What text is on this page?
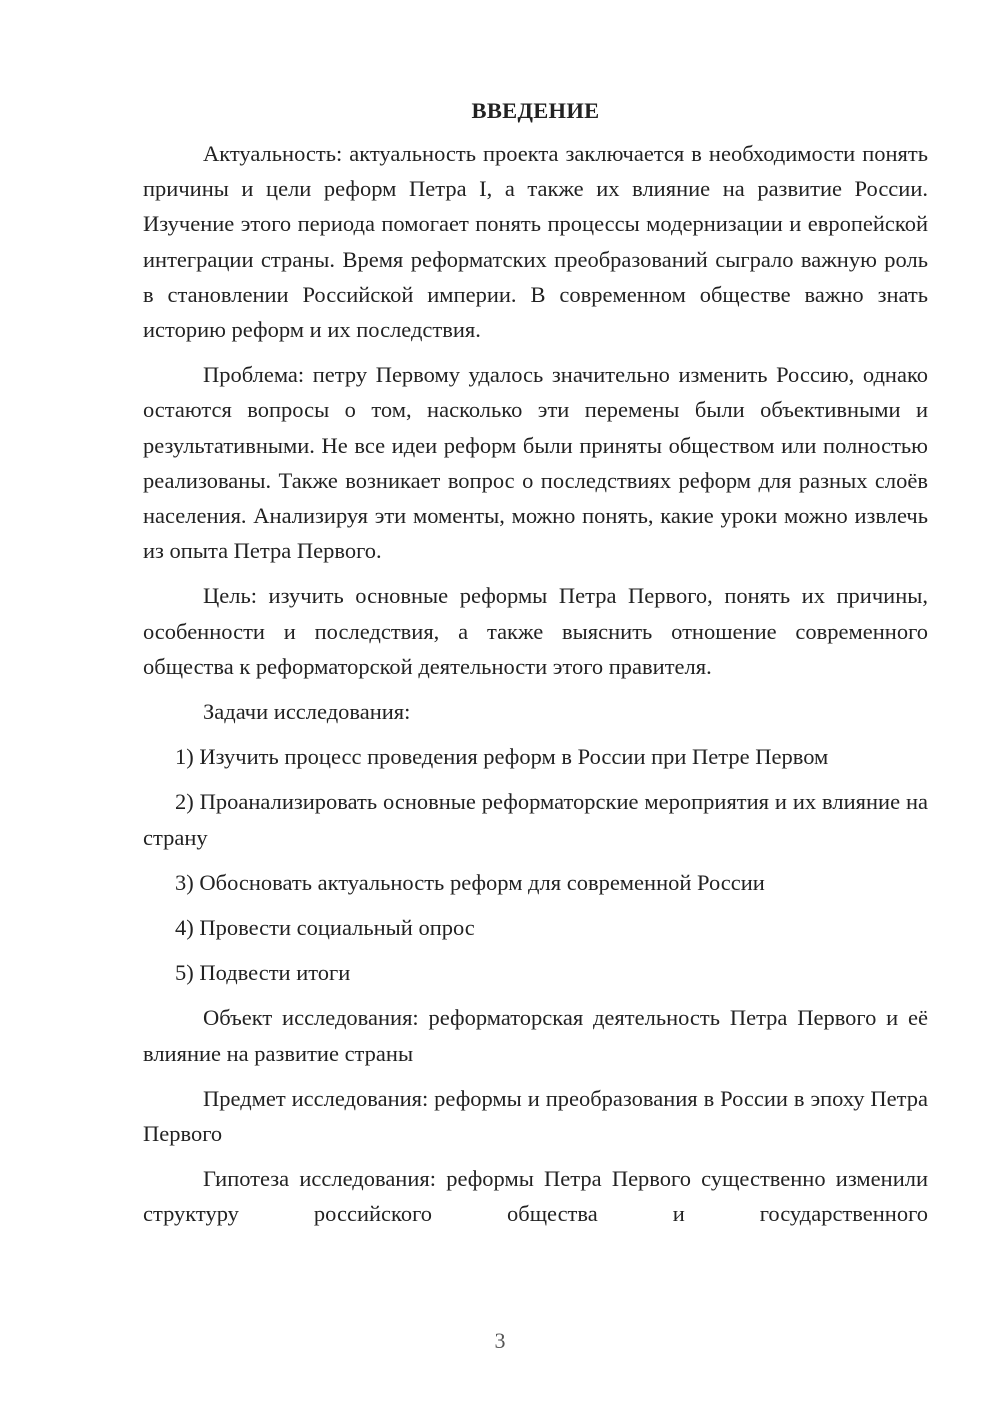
ВВЕДЕНИЕ

Актуальность: актуальность проекта заключается в необходимости понять причины и цели реформ Петра I, а также их влияние на развитие России. Изучение этого периода помогает понять процессы модернизации и европейской интеграции страны. Время реформатских преобразований сыграло важную роль в становлении Российской империи. В современном обществе важно знать историю реформ и их последствия.

Проблема: петру Первому удалось значительно изменить Россию, однако остаются вопросы о том, насколько эти перемены были объективными и результативными. Не все идеи реформ были приняты обществом или полностью реализованы. Также возникает вопрос о последствиях реформ для разных слоёв населения. Анализируя эти моменты, можно понять, какие уроки можно извлечь из опыта Петра Первого.

Цель: изучить основные реформы Петра Первого, понять их причины, особенности и последствия, а также выяснить отношение современного общества к реформаторской деятельности этого правителя.

Задачи исследования:

1) Изучить процесс проведения реформ в России при Петре Первом

2) Проанализировать основные реформаторские мероприятия и их влияние на страну

3) Обосновать актуальность реформ для современной России

4) Провести социальный опрос

5) Подвести итоги

Объект исследования: реформаторская деятельность Петра Первого и её влияние на развитие страны

Предмет исследования: реформы и преобразования в России в эпоху Петра Первого

Гипотеза исследования: реформы Петра Первого существенно изменили структуру российского общества и государственного

3
